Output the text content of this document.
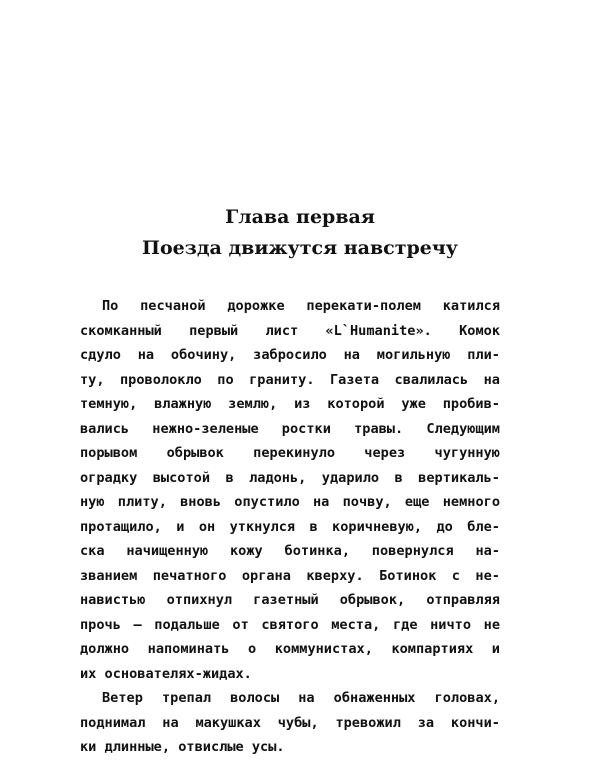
Глава первая
Поезда движутся навстречу
По песчаной дорожке перекати-полем катился
скомканный первый лист «L`Humanite». Комок
сдуло на обочину, забросило на могильную пли-
ту, проволокло по граниту. Газета свалилась на
темную, влажную землю, из которой уже пробив-
вались нежно-зеленые ростки травы. Следующим
порывом обрывок перекинуло через чугунную
оградку высотой в ладонь, ударило в вертикаль-
ную плиту, вновь опустило на почву, еще немного
протащило, и он уткнулся в коричневую, до бле-
ска начищенную кожу ботинка, повернулся на-
званием печатного органа кверху. Ботинок с не-
навистью отпихнул газетный обрывок, отправляя
прочь — подальше от святого места, где ничто не
должно напоминать о коммунистах, компартиях и
их основателях-жидах.
Ветер трепал волосы на обнаженных головах,
поднимал на макушках чубы, тревожил за кончи-
ки длинные, отвислые усы.
